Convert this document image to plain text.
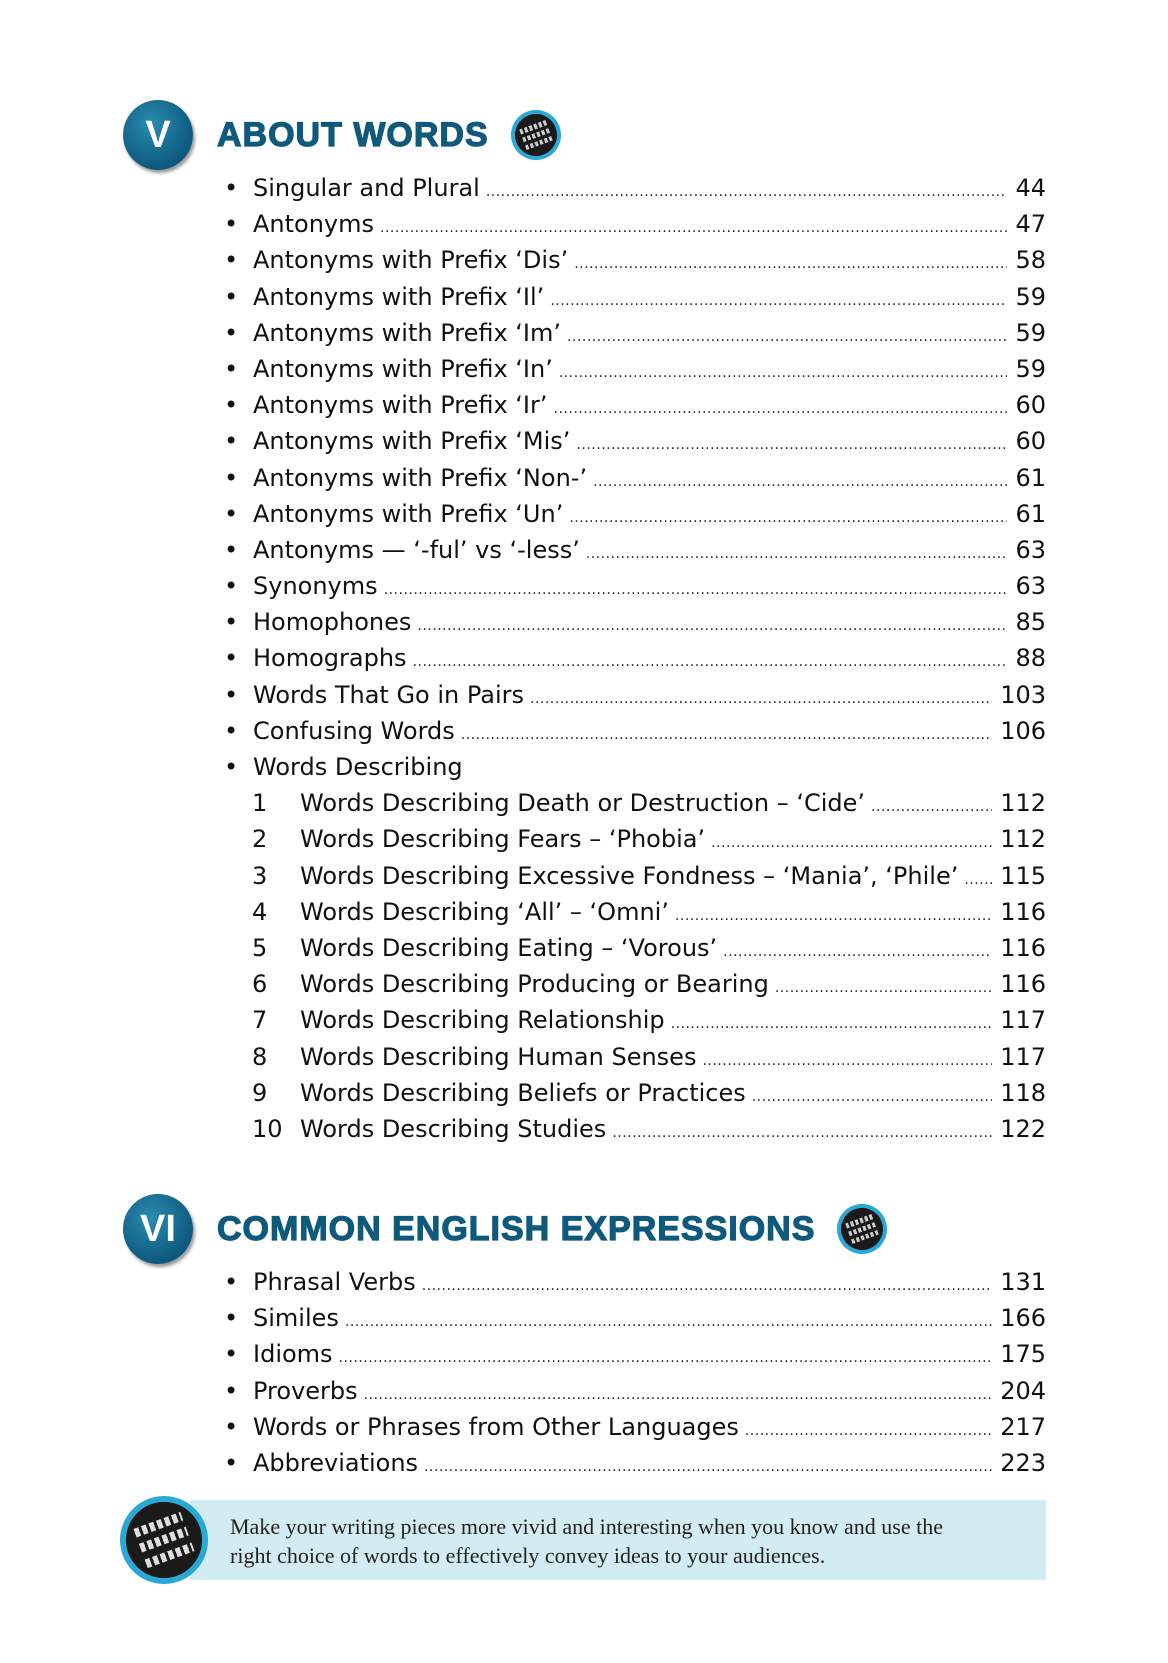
V	ABOUT WORDS
• Singular and Plural .....	44
• Antonyms .....	47
• Antonyms with Prefix ‘Dis’ .....	58
• Antonyms with Prefix ‘Il’ .....	59
• Antonyms with Prefix ‘Im’ .....	59
• Antonyms with Prefix ‘In’ .....	59
• Antonyms with Prefix ‘Ir’ .....	60
• Antonyms with Prefix ‘Mis’ .....	60
• Antonyms with Prefix ‘Non-’ .....	61
• Antonyms with Prefix ‘Un’ .....	61
• Antonyms — ‘-ful’ vs ‘-less’ .....	63
• Synonyms .....	63
• Homophones .....	85
• Homographs .....	88
• Words That Go in Pairs .....	103
• Confusing Words .....	106
• Words Describing
1	Words Describing Death or Destruction – ‘Cide’ .....	112
2	Words Describing Fears – ‘Phobia’ .....	112
3	Words Describing Excessive Fondness – ‘Mania’, ‘Phile’ .....	115
4	Words Describing ‘All’ – ‘Omni’ .....	116
5	Words Describing Eating – ‘Vorous’ .....	116
6	Words Describing Producing or Bearing .....	116
7	Words Describing Relationship .....	117
8	Words Describing Human Senses .....	117
9	Words Describing Beliefs or Practices .....	118
10 Words Describing Studies .....	122
VI	COMMON ENGLISH EXPRESSIONS
• Phrasal Verbs .....	131
• Similes .....	166
• Idioms .....	175
• Proverbs .....	204
• Words or Phrases from Other Languages .....	217
• Abbreviations .....	223
Make your writing pieces more vivid and interesting when you know and use the
right choice of words to effectively convey ideas to your audiences.
